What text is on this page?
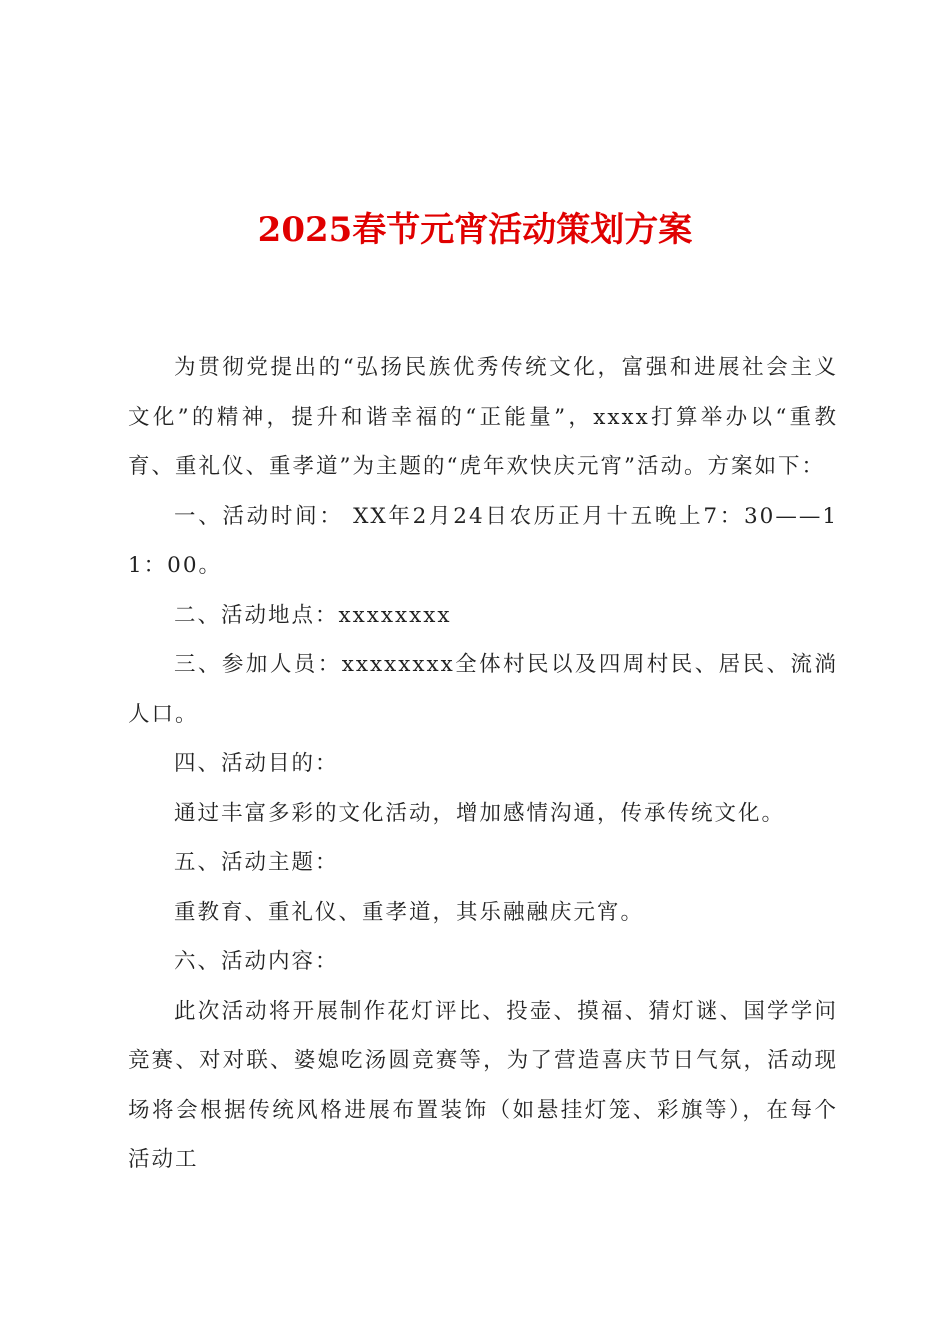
2025春节元宵活动策划方案

为贯彻党提出的“弘扬民族优秀传统文化，富强和进展社会主义文化”的精神，提升和谐幸福的“正能量”，xxxx打算举办以“重教育、重礼仪、重孝道”为主题的“虎年欢快庆元宵”活动。方案如下：

一、活动时间： XX年2月24日农历正月十五晚上7：30——11：00。

二、活动地点：xxxxxxxx

三、参加人员：xxxxxxxx全体村民以及四周村民、居民、流淌人口。

四、活动目的：

通过丰富多彩的文化活动，增加感情沟通，传承传统文化。

五、活动主题：

重教育、重礼仪、重孝道，其乐融融庆元宵。

六、活动内容：

此次活动将开展制作花灯评比、投壶、摸福、猜灯谜、国学学问竞赛、对对联、婆媳吃汤圆竞赛等，为了营造喜庆节日气氛，活动现场将会根据传统风格进展布置装饰（如悬挂灯笼、彩旗等），在每个活动工
